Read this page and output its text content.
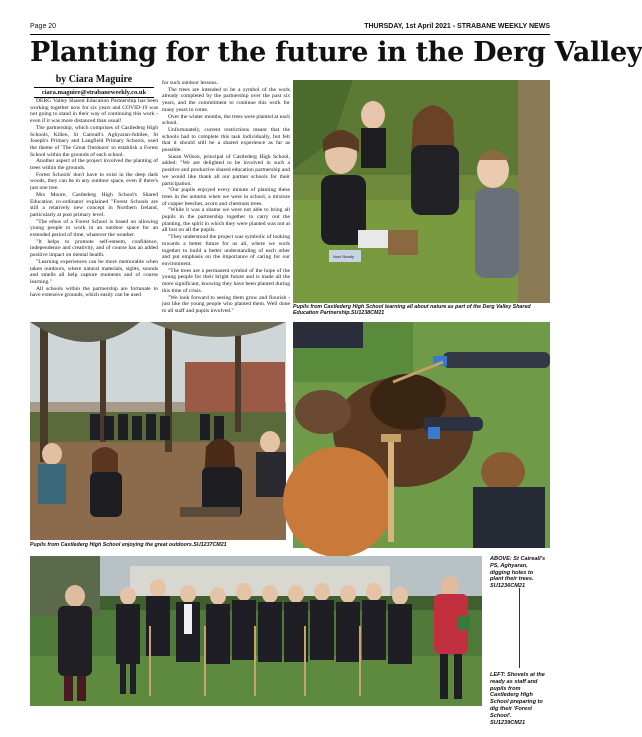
Page 20	THURSDAY, 1st April 2021 - STRABANE WEEKLY NEWS
Planting for the future in the Derg Valley
by Ciara Maguire
ciara.maguire@strabaneweekly.co.uk

DERG Valley Shared Education Partnership has been working together now for six years and COVID-19 was not going to stand in their way of continuing this work - even if it was more distanced than usual!

The partnership, which comprises of Castlederg High Schools, Killen, St Caireall's Aghyaran-Jubilee, St Joseph's Primary and Langfield Primary Schools, used the theme of 'The Great Outdoors' to establish a Forest School within the grounds of each school.

Another aspect of the project involved the planting of trees within the grounds.

Forest Schools' don't have to exist in the deep dark woods, they can be in any outdoor space, even if there's just one tree.

Mrs Moore, Castlederg High School's Shared Education co-ordinator explained "Forest Schools are still a relatively new concept in Northern Ireland, particularly at post primary level.

"The ethos of a Forest School is based on allowing young people to work in an outdoor space for an extended period of time, whatever the weather.

"It helps to promote self-esteem, confidence, independence and creativity, and of course has an added positive impact on mental health.

"Learning experiences can be more memorable when taken outdoors, where natural materials, sights, sounds and smells all help capture moments and of course learning."

All schools within the partnership are fortunate to have extensive grounds, which easily can be used

for such outdoor lessons.

The trees are intended to be a symbol of the work already completed by the partnership over the past six years, and the commitment to continue this work for many years to come.

Over the winter months, the trees were planted at each school.

Unfortunately, current restrictions meant that the schools had to complete this task individually, but felt that it should still be a shared experience as far as possible.

Susan Wilson, principal of Castlederg High School, added: "We are delighted to be involved in such a positive and productive shared education partnership and we would like thank all our partner schools for their participation.

"Our pupils enjoyed every minute of planting these trees in the autumn when we were in school, a mixture of copper beeches, acorn and chestnuts trees.

"While it was a shame we were not able to bring all pupils in the partnership together to carry out the planting, the spirit in which they were planted was not at all lost on all the pupils.

"They understood the project was symbolic of looking towards a better future for us all, where we work together to build a better understanding of each other and put emphasis on the importance of caring for our environment.

"The trees are a permanent symbol of the hope of the young people for their bright future and is made all the more significant, knowing they have been planted during this time of crisis.

"We look forward to seeing them grow and flourish - just like the young people who planted them. Well done to all staff and pupils involved."

Nuni Ready
Pupils from Castlederg High School learning all about nature as part of the Derg Valley Shared Education Partnership.SU1238CM21
Pupils from Castlederg High School enjoying the great outdoors.SU1237CM21
ABOVE: St Caireall's PS, Aghyaran, digging holes to plant their trees. SU1236CM21
LEFT: Shovels at the ready as staff and pupils from Castlederg High School preparing to dig their 'Forest School'. SU1239CM21
